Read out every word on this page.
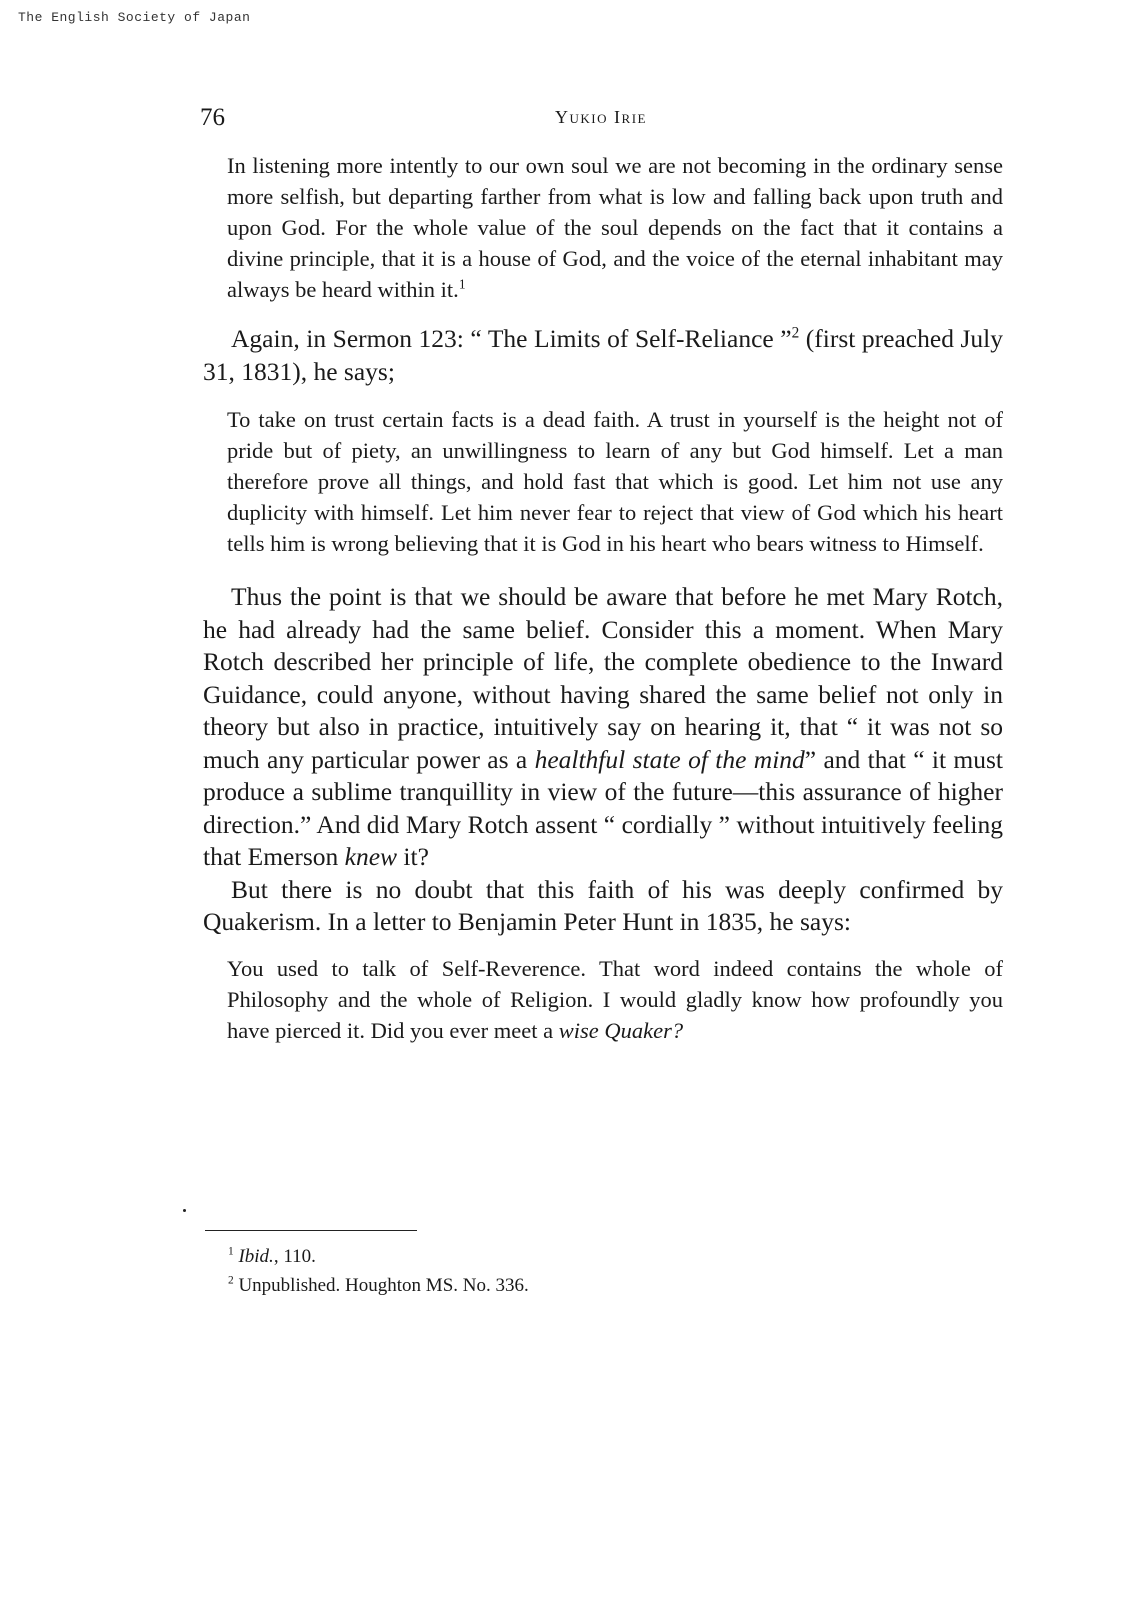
The English Society of Japan
76	Yukio Irie

In listening more intently to our own soul we are not becoming in the ordinary sense more selfish, but departing farther from what is low and falling back upon truth and upon God. For the whole value of the soul depends on the fact that it contains a divine principle, that it is a house of God, and the voice of the eternal inhabitant may always be heard within it.$^1$

Again, in Sermon 123: “ The Limits of Self-Reliance ”$^2$ (first preached July 31, 1831), he says;

To take on trust certain facts is a dead faith. A trust in yourself is the height not of pride but of piety, an unwillingness to learn of any but God himself. Let a man therefore prove all things, and hold fast that which is good. Let him not use any duplicity with himself. Let him never fear to reject that view of God which his heart tells him is wrong believing that it is God in his heart who bears witness to Himself.

Thus the point is that we should be aware that before he met Mary Rotch, he had already had the same belief. Consider this a moment. When Mary Rotch described her principle of life, the complete obedience to the Inward Guidance, could anyone, without having shared the same belief not only in theory but also in practice, intuitively say on hearing it, that “ it was not so much any particular power as a healthful state of the mind” and that “ it must produce a sublime tranquillity in view of the future—this assurance of higher direction.” And did Mary Rotch assent “ cordially ” without intuitively feeling that Emerson knew it?

But there is no doubt that this faith of his was deeply confirmed by Quakerism. In a letter to Benjamin Peter Hunt in 1835, he says:

You used to talk of Self-Reverence. That word indeed contains the whole of Philosophy and the whole of Religion. I would gladly know how profoundly you have pierced it. Did you ever meet a wise Quaker?

$^1$ Ibid., 110.

$^2$ Unpublished. Houghton MS. No. 336.
